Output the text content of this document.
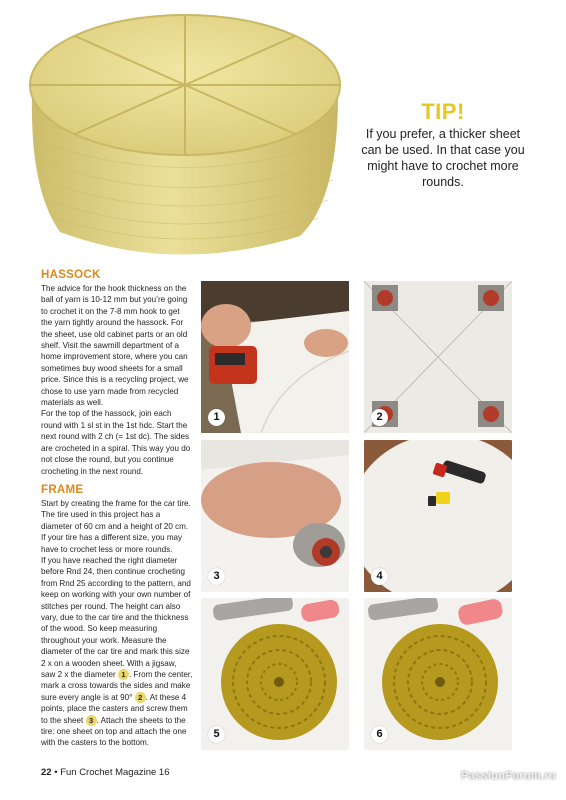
TIP!
If you prefer, a thicker sheet can be used. In that case you might have to crochet more rounds.
HASSOCK

The advice for the hook thickness on the ball of yarn is 10-12 mm but you’re going to crochet it on the 7-8 mm hook to get the yarn tightly around the hassock. For the sheet, use old cabinet parts or an old shelf. Visit the sawmill department of a home improvement store, where you can sometimes buy wood sheets for a small price. Since this is a recycling project, we chose to use yarn made from recycled materials as well.

For the top of the hassock, join each round with 1 sl st in the 1st hdc. Start the next round with 2 ch (= 1st dc). The sides are crocheted in a spiral. This way you do not close the round, but you continue crocheting in the next round.

FRAME

Start by creating the frame for the car tire. The tire used in this project has a diameter of 60 cm and a height of 20 cm. If your tire has a different size, you may have to crochet less or more rounds.

If you have reached the right diameter before Rnd 24, then continue crocheting from Rnd 25 according to the pattern, and keep on working with your own number of stitches per round. The height can also vary, due to the car tire and the thickness of the wood. So keep measuring throughout your work. Measure the diameter of the car tire and mark this size 2 x on a wooden sheet. With a jigsaw, saw 2 x the diameter 1 . From the center, mark a cross towards the sides and make sure every angle is at 90° 2 . At these 4 points, place the casters and screw them to the sheet 3 . Attach the sheets to the tire: one sheet on top and attach the one with the casters to the bottom.

1	2
3	4
5	6
22 • Fun Crochet Magazine 16	PassionForum.ru
